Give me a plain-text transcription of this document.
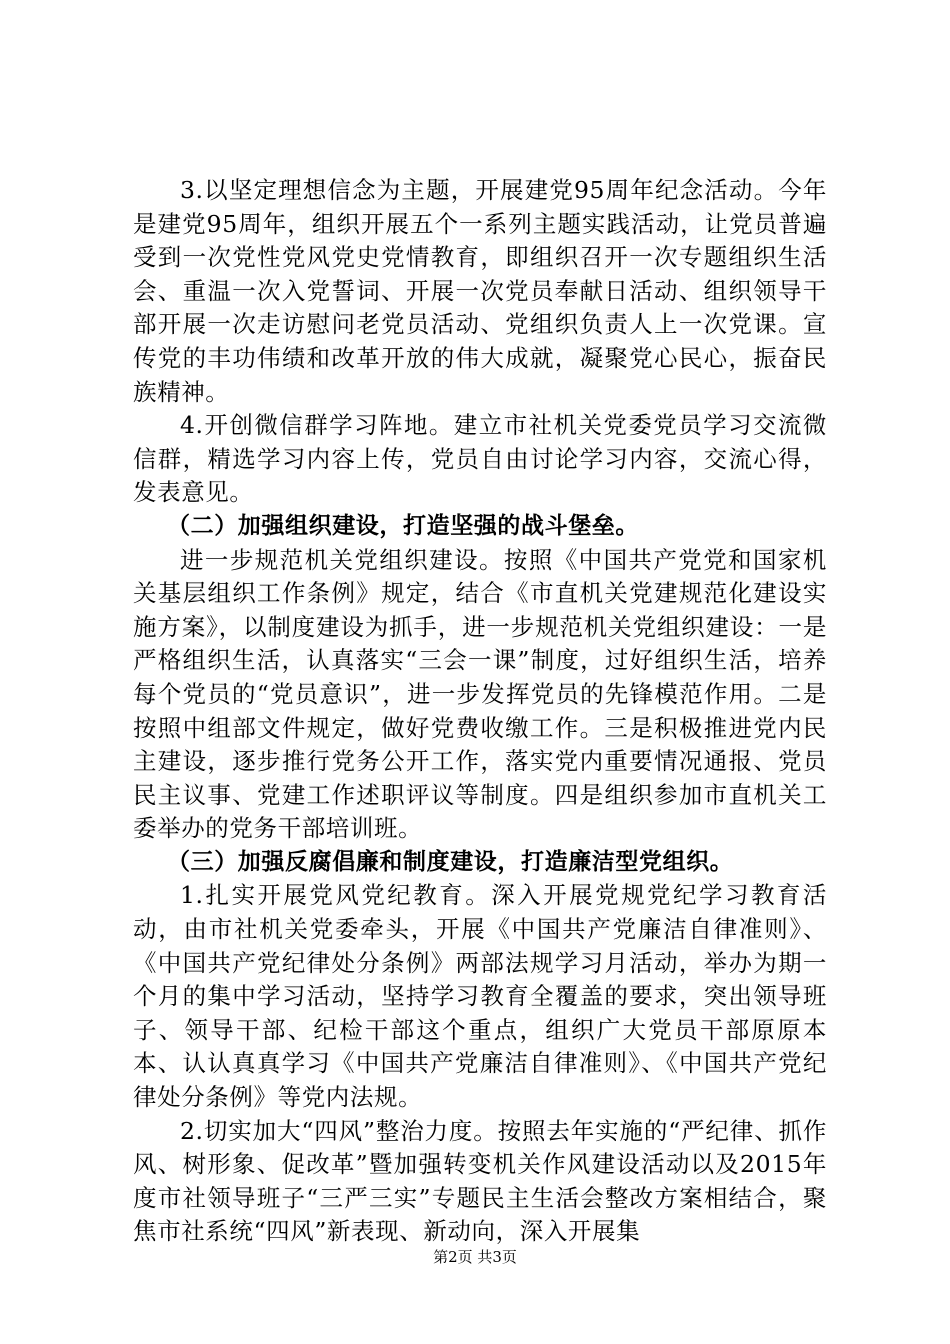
3.以坚定理想信念为主题，开展建党95周年纪念活动。今年是建党95周年，组织开展五个一系列主题实践活动，让党员普遍受到一次党性党风党史党情教育，即组织召开一次专题组织生活会、重温一次入党誓词、开展一次党员奉献日活动、组织领导干部开展一次走访慰问老党员活动、党组织负责人上一次党课。宣传党的丰功伟绩和改革开放的伟大成就，凝聚党心民心，振奋民族精神。

4.开创微信群学习阵地。建立市社机关党委党员学习交流微信群，精选学习内容上传，党员自由讨论学习内容，交流心得，发表意见。

（二）加强组织建设，打造坚强的战斗堡垒。

进一步规范机关党组织建设。按照《中国共产党党和国家机关基层组织工作条例》规定，结合《市直机关党建规范化建设实施方案》，以制度建设为抓手，进一步规范机关党组织建设：一是严格组织生活，认真落实“三会一课”制度，过好组织生活，培养每个党员的“党员意识”，进一步发挥党员的先锋模范作用。二是按照中组部文件规定，做好党费收缴工作。三是积极推进党内民主建设，逐步推行党务公开工作，落实党内重要情况通报、党员民主议事、党建工作述职评议等制度。四是组织参加市直机关工委举办的党务干部培训班。

（三）加强反腐倡廉和制度建设，打造廉洁型党组织。

1.扎实开展党风党纪教育。深入开展党规党纪学习教育活动，由市社机关党委牵头，开展《中国共产党廉洁自律准则》、《中国共产党纪律处分条例》两部法规学习月活动，举办为期一个月的集中学习活动，坚持学习教育全覆盖的要求，突出领导班子、领导干部、纪检干部这个重点，组织广大党员干部原原本本、认认真真学习《中国共产党廉洁自律准则》、《中国共产党纪律处分条例》等党内法规。

2.切实加大“四风”整治力度。按照去年实施的“严纪律、抓作风、树形象、促改革”暨加强转变机关作风建设活动以及2015年度市社领导班子“三严三实”专题民主生活会整改方案相结合，聚焦市社系统“四风”新表现、新动向，深入开展集

第2页 共3页
